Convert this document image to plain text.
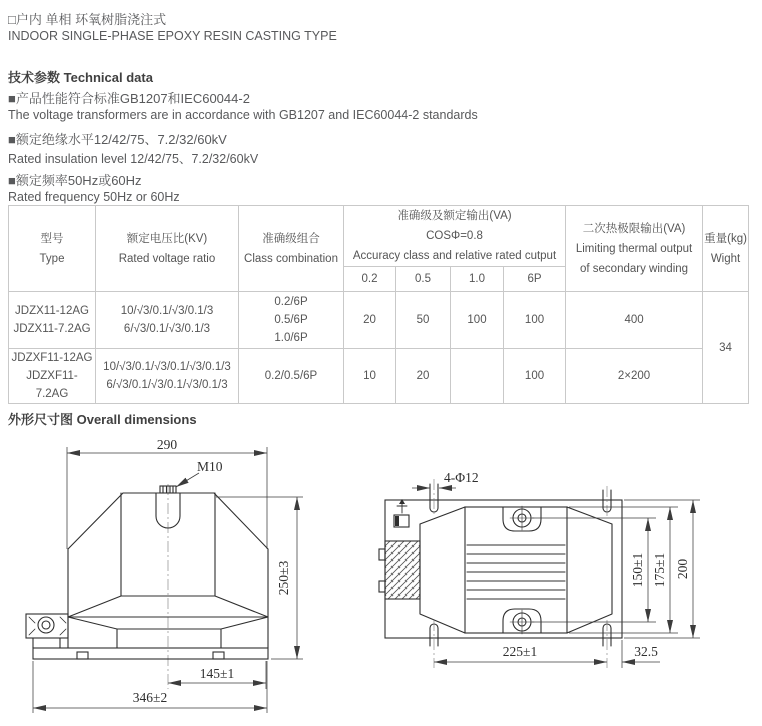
□户内 单相 环氧树脂浇注式
INDOOR SINGLE-PHASE EPOXY RESIN CASTING TYPE
技术参数 Technical data
■产品性能符合标准GB1207和IEC60044-2
The voltage transformers are in accordance with GB1207 and IEC60044-2 standards
■额定绝缘水平12/42/75、7.2/32/60kV
Rated insulation level 12/42/75、7.2/32/60kV
■额定频率50Hz或60Hz
Rated frequency 50Hz or 60Hz
型号
Type

额定电压比(KV)
Rated voltage ratio

准确级组合
Class combination

准确级及额定输出(VA)
COSΦ=0.8
Accuracy class and relative rated cutput

二次热极限输出(VA)
Limiting thermal output
of secondary winding

重量(kg)
Wight

			0.2	0.5	1.0	6P		

JDZX11-12AG
JDZX11-7.2AG

10/√3/0.1/√3/0.1/3
6/√3/0.1/√3/0.1/3

0.2/6P
0.5/6P
1.0/6P
	20	50	100	100	400	34

JDZXF11-12AG
JDZXF11-7.2AG

10/√3/0.1/√3/0.1/√3/0.1/3
6/√3/0.1/√3/0.1/√3/0.1/3

0.2/0.5/6P	10	20		100	2×200
外形尺寸图 Overall dimensions
290
M10
250±3
145±1
346±2
4-Φ12
150±1 175±1 200
225±1	32.5
